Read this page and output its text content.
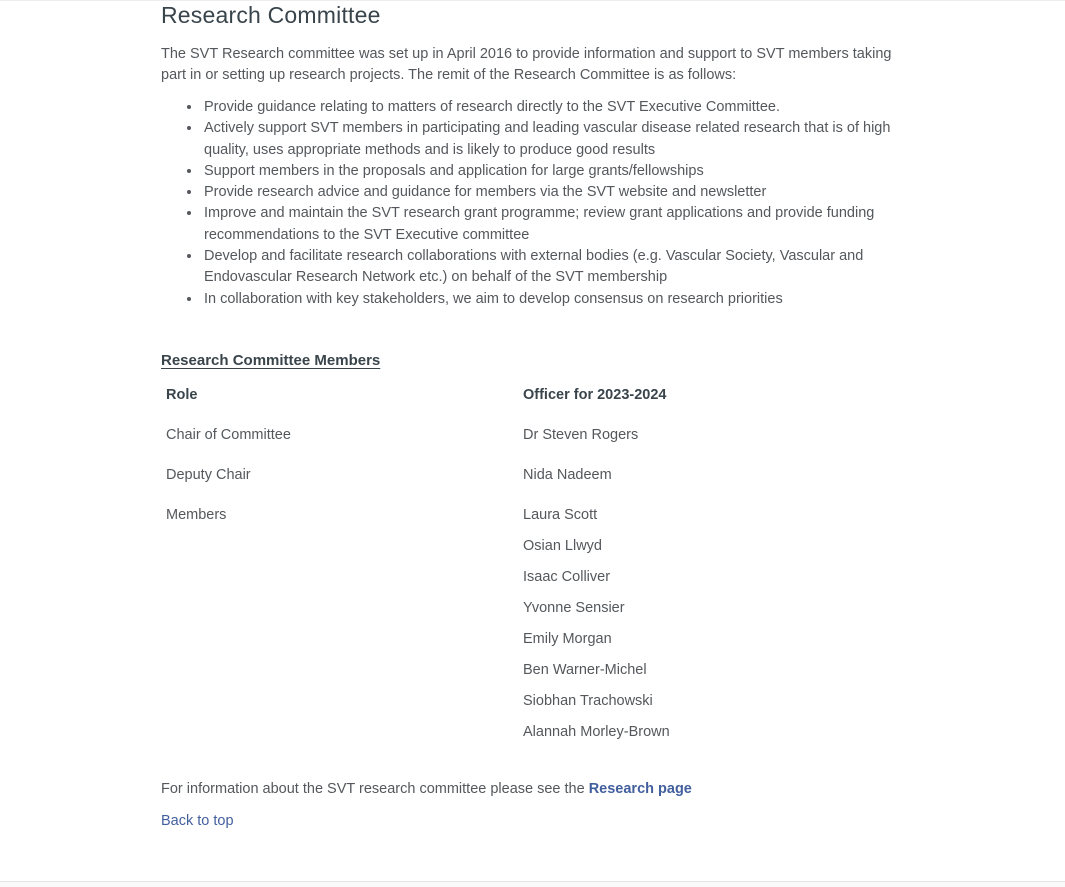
Research Committee

The SVT Research committee was set up in April 2016 to provide information and support to SVT members taking part in or setting up research projects. The remit of the Research Committee is as follows:

• Provide guidance relating to matters of research directly to the SVT Executive Committee.
• Actively support SVT members in participating and leading vascular disease related research that is of high quality, uses appropriate methods and is likely to produce good results
• Support members in the proposals and application for large grants/fellowships
• Provide research advice and guidance for members via the SVT website and newsletter
• Improve and maintain the SVT research grant programme; review grant applications and provide funding recommendations to the SVT Executive committee
• Develop and facilitate research collaborations with external bodies (e.g. Vascular Society, Vascular and Endovascular Research Network etc.) on behalf of the SVT membership
• In collaboration with key stakeholders, we aim to develop consensus on research priorities
Research Committee Members
Role	Officer for 2023-2024
Chair of Committee	Dr Steven Rogers
Deputy Chair	Nida Nadeem
Members	Laura Scott
Osian Llwyd
Isaac Colliver
Yvonne Sensier
Emily Morgan
Ben Warner-Michel
Siobhan Trachowski
Alannah Morley-Brown

For information about the SVT research committee please see the Research page

Back to top
